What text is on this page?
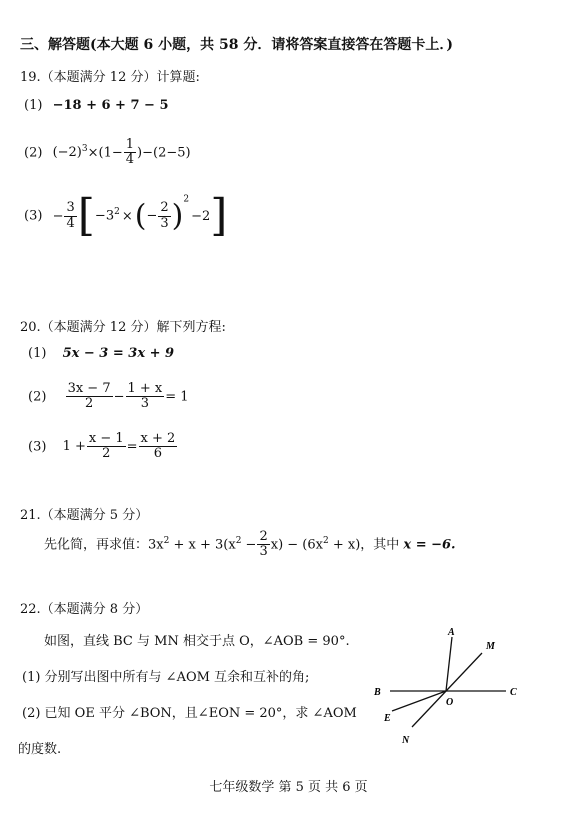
三、解答题(本大题 6 小题，共 58 分．请将答案直接答在答题卡上．)
19.（本题满分 12 分）计算题:
(1) −18 + 6 + 7 − 5
(2) $(-2)^3\times(1- \frac{1}{4} )-(2-5)$
$(3) - \frac{3}{4} [-3^2$ ×(− $\frac{2}{3} )^2-2$]
20.（本题满分 12 分）解下列方程:
(1) 5x − 3 = 3x + 9
$(2) \frac{3x - 7}{2} - \frac{1 + x}{3} = 1$
(3) $1 + \frac{x - 1}{2} = \frac{x + 2}{6}$
21.（本题满分 5 分）
先化简，再求值：$3x^2 + x + 3(x^2 - \frac{2}{3} x) - (6x^2 + x)$，其中 x = −6.
22.（本题满分 8 分）
如图，直线 BC 与 MN 相交于点 O，∠AOB = 90°.
(1) 分别写出图中所有与 ∠AOM 互余和互补的角;
(2) 已知 OE 平分 ∠BON，且∠EON = 20°，求 ∠AOM
的度数.
A
M
B
O
C
E
N
七年级数学 第 5 页 共 6 页
